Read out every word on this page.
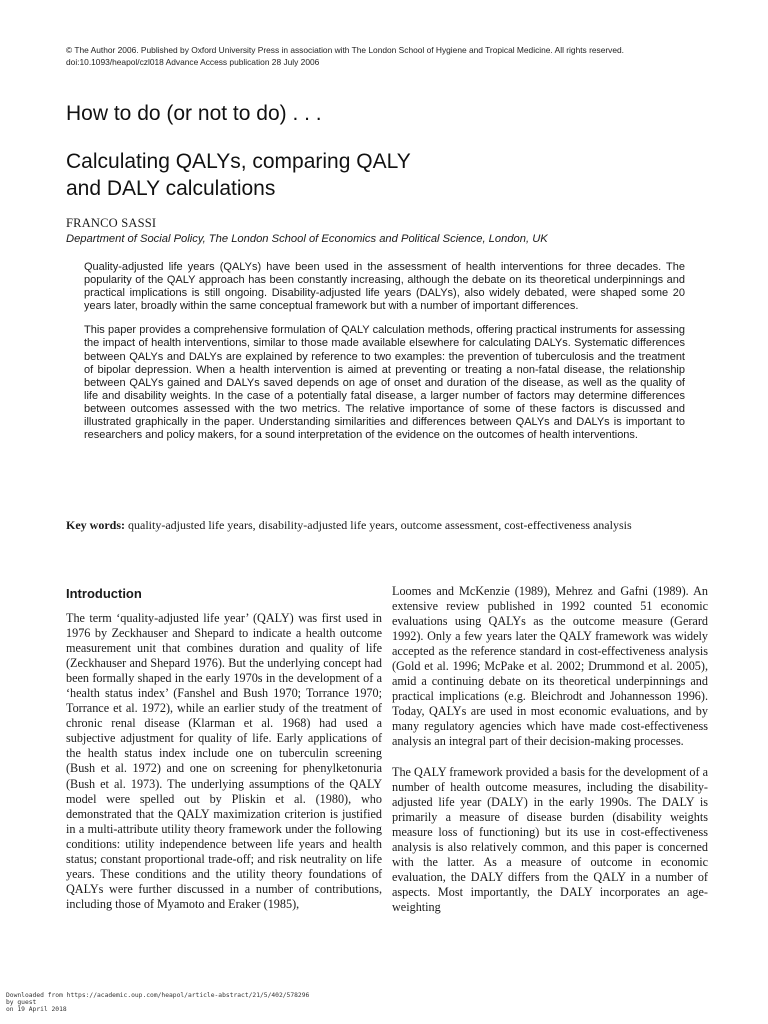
© The Author 2006. Published by Oxford University Press in association with The London School of Hygiene and Tropical Medicine. All rights reserved.
doi:10.1093/heapol/czl018 Advance Access publication 28 July 2006
How to do (or not to do) . . .
Calculating QALYs, comparing QALY
and DALY calculations
FRANCO SASSI
Department of Social Policy, The London School of Economics and Political Science, London, UK

Quality-adjusted life years (QALYs) have been used in the assessment of health interventions for three decades. The popularity of the QALY approach has been constantly increasing, although the debate on its theoretical underpinnings and practical implications is still ongoing. Disability-adjusted life years (DALYs), also widely debated, were shaped some 20 years later, broadly within the same conceptual framework but with a number of important differences.

This paper provides a comprehensive formulation of QALY calculation methods, offering practical instruments for assessing the impact of health interventions, similar to those made available elsewhere for calculating DALYs. Systematic differences between QALYs and DALYs are explained by reference to two examples: the prevention of tuberculosis and the treatment of bipolar depression. When a health intervention is aimed at preventing or treating a non-fatal disease, the relationship between QALYs gained and DALYs saved depends on age of onset and duration of the disease, as well as the quality of life and disability weights. In the case of a potentially fatal disease, a larger number of factors may determine differences between outcomes assessed with the two metrics. The relative importance of some of these factors is discussed and illustrated graphically in the paper. Understanding similarities and differences between QALYs and DALYs is important to researchers and policy makers, for a sound interpretation of the evidence on the outcomes of health interventions.

Key words: quality-adjusted life years, disability-adjusted life years, outcome assessment, cost-effectiveness analysis
Introduction

The term ‘quality-adjusted life year’ (QALY) was first used in 1976 by Zeckhauser and Shepard to indicate a health outcome measurement unit that combines duration and quality of life (Zeckhauser and Shepard 1976). But the underlying concept had been formally shaped in the early 1970s in the development of a ‘health status index’ (Fanshel and Bush 1970; Torrance 1970; Torrance et al. 1972), while an earlier study of the treatment of chronic renal disease (Klarman et al. 1968) had used a subjective adjustment for quality of life. Early applications of the health status index include one on tuberculin screening (Bush et al. 1972) and one on screening for phenylketonuria (Bush et al. 1973). The underlying assumptions of the QALY model were spelled out by Pliskin et al. (1980), who demonstrated that the QALY maximization criterion is justified in a multi-attribute utility theory framework under the following conditions: utility independence between life years and health status; constant proportional trade-off; and risk neutrality on life years. These conditions and the utility theory foundations of QALYs were further discussed in a number of contributions, including those of Myamoto and Eraker (1985),

Loomes and McKenzie (1989), Mehrez and Gafni (1989). An extensive review published in 1992 counted 51 economic evaluations using QALYs as the outcome measure (Gerard 1992). Only a few years later the QALY framework was widely accepted as the reference standard in cost-effectiveness analysis (Gold et al. 1996; McPake et al. 2002; Drummond et al. 2005), amid a continuing debate on its theoretical underpinnings and practical implications (e.g. Bleichrodt and Johannesson 1996). Today, QALYs are used in most economic evaluations, and by many regulatory agencies which have made cost-effectiveness analysis an integral part of their decision-making processes.

The QALY framework provided a basis for the development of a number of health outcome measures, including the disability-adjusted life year (DALY) in the early 1990s. The DALY is primarily a measure of disease burden (disability weights measure loss of functioning) but its use in cost-effectiveness analysis is also relatively common, and this paper is concerned with the latter. As a measure of outcome in economic evaluation, the DALY differs from the QALY in a number of aspects. Most importantly, the DALY incorporates an age-weighting

Downloaded from https://academic.oup.com/heapol/article-abstract/21/5/402/578296
by guest
on 19 April 2018
